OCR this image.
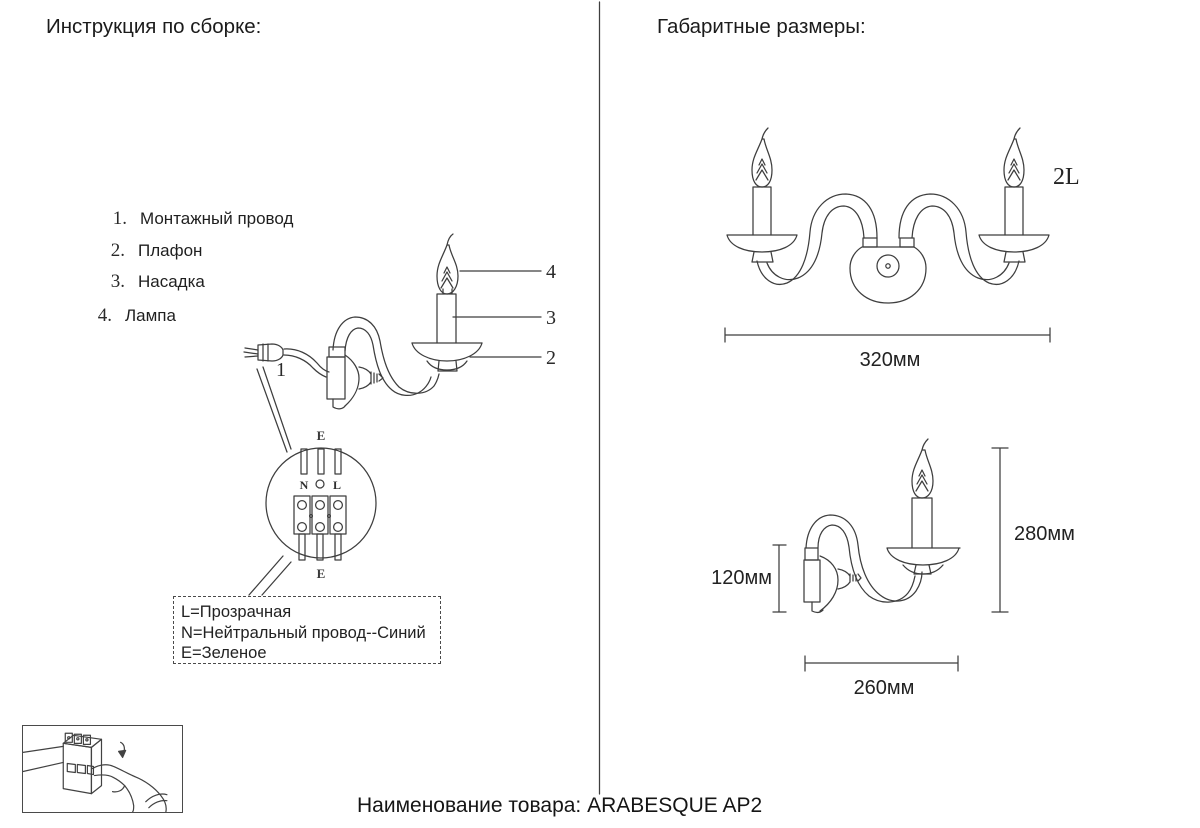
4
3
2
1
E
N L
E
2L
320мм
120мм
280мм
260мм
Инструкция по сборке:	Габаритные размеры:
1. Монтажный провод
2. Плафон
3. Насадка
4. Лампа
L=Прозрачная
N=Нейтральный провод--Синий
E=Зеленое
Наименование товара: ARABESQUE AP2
